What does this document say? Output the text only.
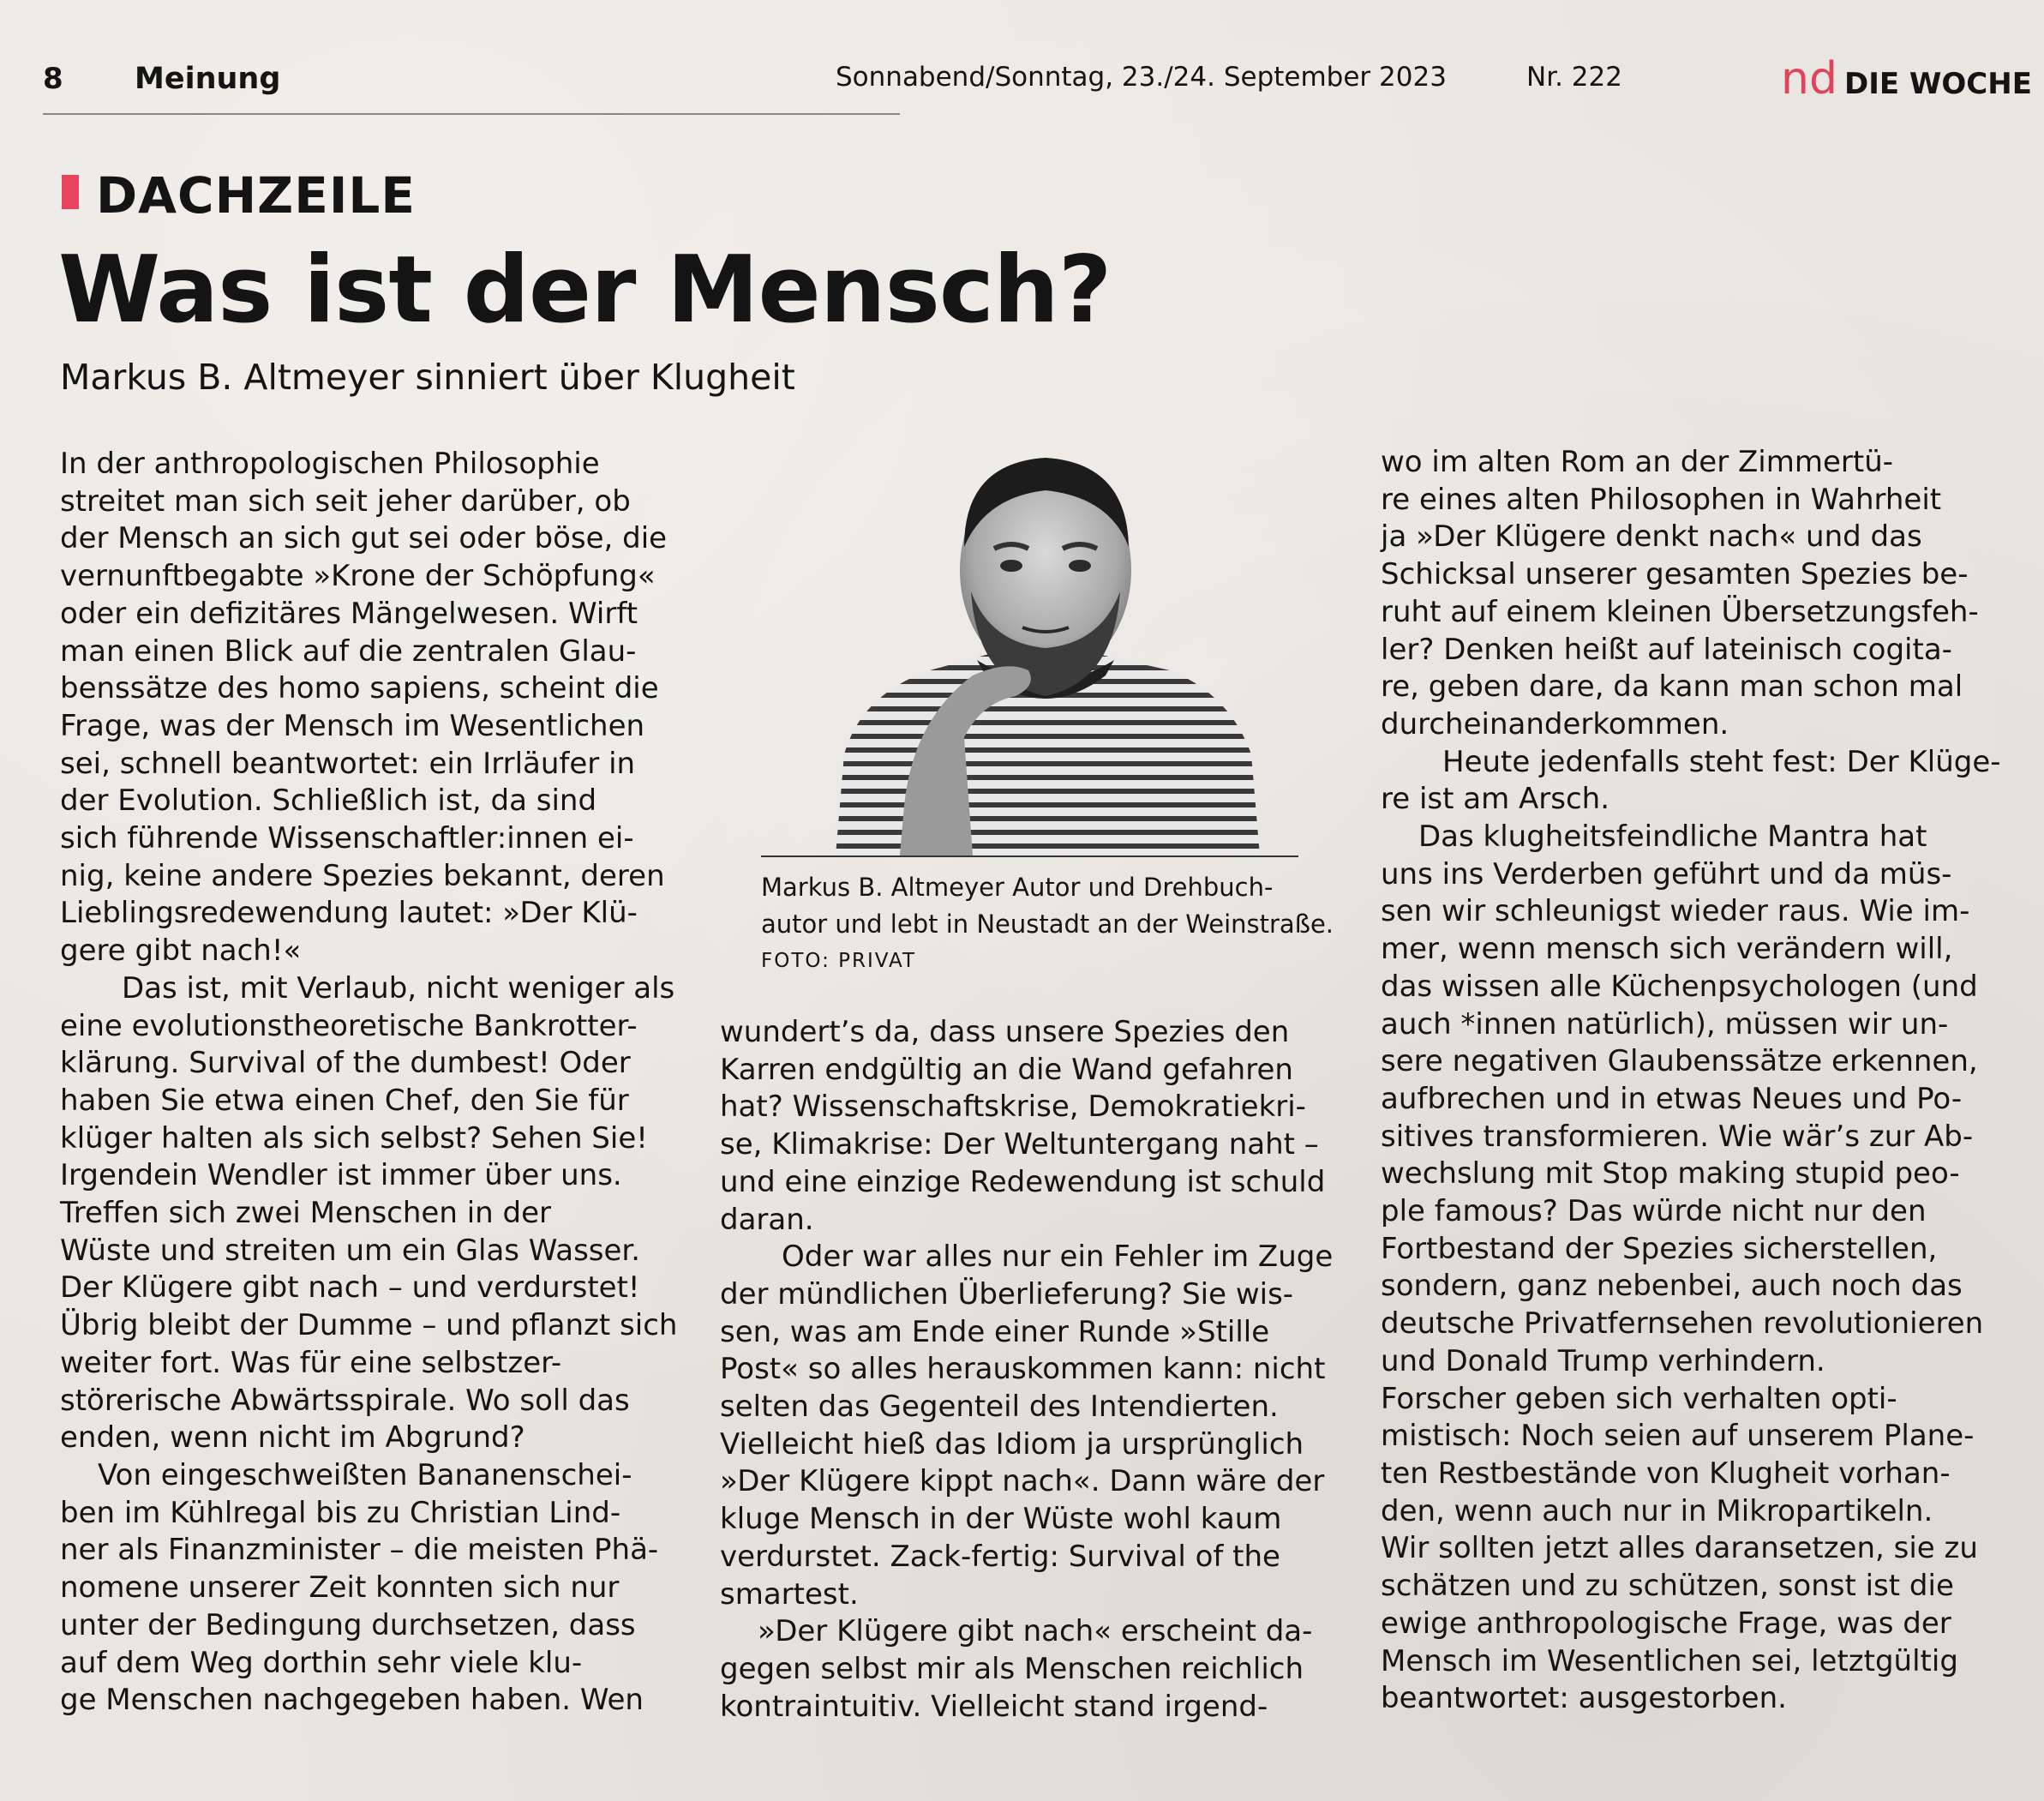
8 Meinung	Sonnabend/Sonntag, 23./24. September 2023	Nr. 222	nd DIE WOCHE
DACHZEILE
Was ist der Mensch?
Markus B. Altmeyer sinniert über Klugheit

In der anthropologischen Philosophie

streitet man sich seit jeher darüber, ob

der Mensch an sich gut sei oder böse, die

vernunftbegabte »Krone der Schöpfung«

oder ein defizitäres Mängelwesen. Wirft

man einen Blick auf die zentralen Glau-

benssätze des homo sapiens, scheint die

Frage, was der Mensch im Wesentlichen

sei, schnell beantwortet: ein Irrläufer in

der Evolution. Schließlich ist, da sind

sich führende Wissenschaftler:innen ei-

nig, keine andere Spezies bekannt, deren

Lieblingsredewendung lautet: »Der Klü-

gere gibt nach!«

Das ist, mit Verlaub, nicht weniger als

eine evolutionstheoretische Bankrotter-

klärung. Survival of the dumbest! Oder

haben Sie etwa einen Chef, den Sie für

klüger halten als sich selbst? Sehen Sie!

Irgendein Wendler ist immer über uns.

Treffen sich zwei Menschen in der

Wüste und streiten um ein Glas Wasser.

Der Klügere gibt nach – und verdurstet!

Übrig bleibt der Dumme – und pflanzt sich

weiter fort. Was für eine selbstzer-

störerische Abwärtsspirale. Wo soll das

enden, wenn nicht im Abgrund?

Von eingeschweißten Bananenschei-

ben im Kühlregal bis zu Christian Lind-

ner als Finanzminister – die meisten Phä-

nomene unserer Zeit konnten sich nur

unter der Bedingung durchsetzen, dass

auf dem Weg dorthin sehr viele klu-

ge Menschen nachgegeben haben. Wen

Markus B. Altmeyer Autor und Drehbuch-
autor und lebt in Neustadt an der Weinstraße.
FOTO: PRIVAT

wundert’s da, dass unsere Spezies den

Karren endgültig an die Wand gefahren

hat? Wissenschaftskrise, Demokratiekri-

se, Klimakrise: Der Weltuntergang naht –

und eine einzige Redewendung ist schuld

daran.

Oder war alles nur ein Fehler im Zuge

der mündlichen Überlieferung? Sie wis-

sen, was am Ende einer Runde »Stille

Post« so alles herauskommen kann: nicht

selten das Gegenteil des Intendierten.

Vielleicht hieß das Idiom ja ursprünglich

»Der Klügere kippt nach«. Dann wäre der

kluge Mensch in der Wüste wohl kaum

verdurstet. Zack-fertig: Survival of the

smartest.

»Der Klügere gibt nach« erscheint da-

gegen selbst mir als Menschen reichlich

kontraintuitiv. Vielleicht stand irgend-

wo im alten Rom an der Zimmertü-

re eines alten Philosophen in Wahrheit

ja »Der Klügere denkt nach« und das

Schicksal unserer gesamten Spezies be-

ruht auf einem kleinen Übersetzungsfeh-

ler? Denken heißt auf lateinisch cogita-

re, geben dare, da kann man schon mal

durcheinanderkommen.

Heute jedenfalls steht fest: Der Klüge-

re ist am Arsch.

Das klugheitsfeindliche Mantra hat

uns ins Verderben geführt und da müs-

sen wir schleunigst wieder raus. Wie im-

mer, wenn mensch sich verändern will,

das wissen alle Küchenpsychologen (und

auch *innen natürlich), müssen wir un-

sere negativen Glaubenssätze erkennen,

aufbrechen und in etwas Neues und Po-

sitives transformieren. Wie wär’s zur Ab-

wechslung mit Stop making stupid peo-

ple famous? Das würde nicht nur den

Fortbestand der Spezies sicherstellen,

sondern, ganz nebenbei, auch noch das

deutsche Privatfernsehen revolutionieren

und Donald Trump verhindern.

Forscher geben sich verhalten opti-

mistisch: Noch seien auf unserem Plane-

ten Restbestände von Klugheit vorhan-

den, wenn auch nur in Mikropartikeln.

Wir sollten jetzt alles daransetzen, sie zu

schätzen und zu schützen, sonst ist die

ewige anthropologische Frage, was der

Mensch im Wesentlichen sei, letztgültig

beantwortet: ausgestorben.
